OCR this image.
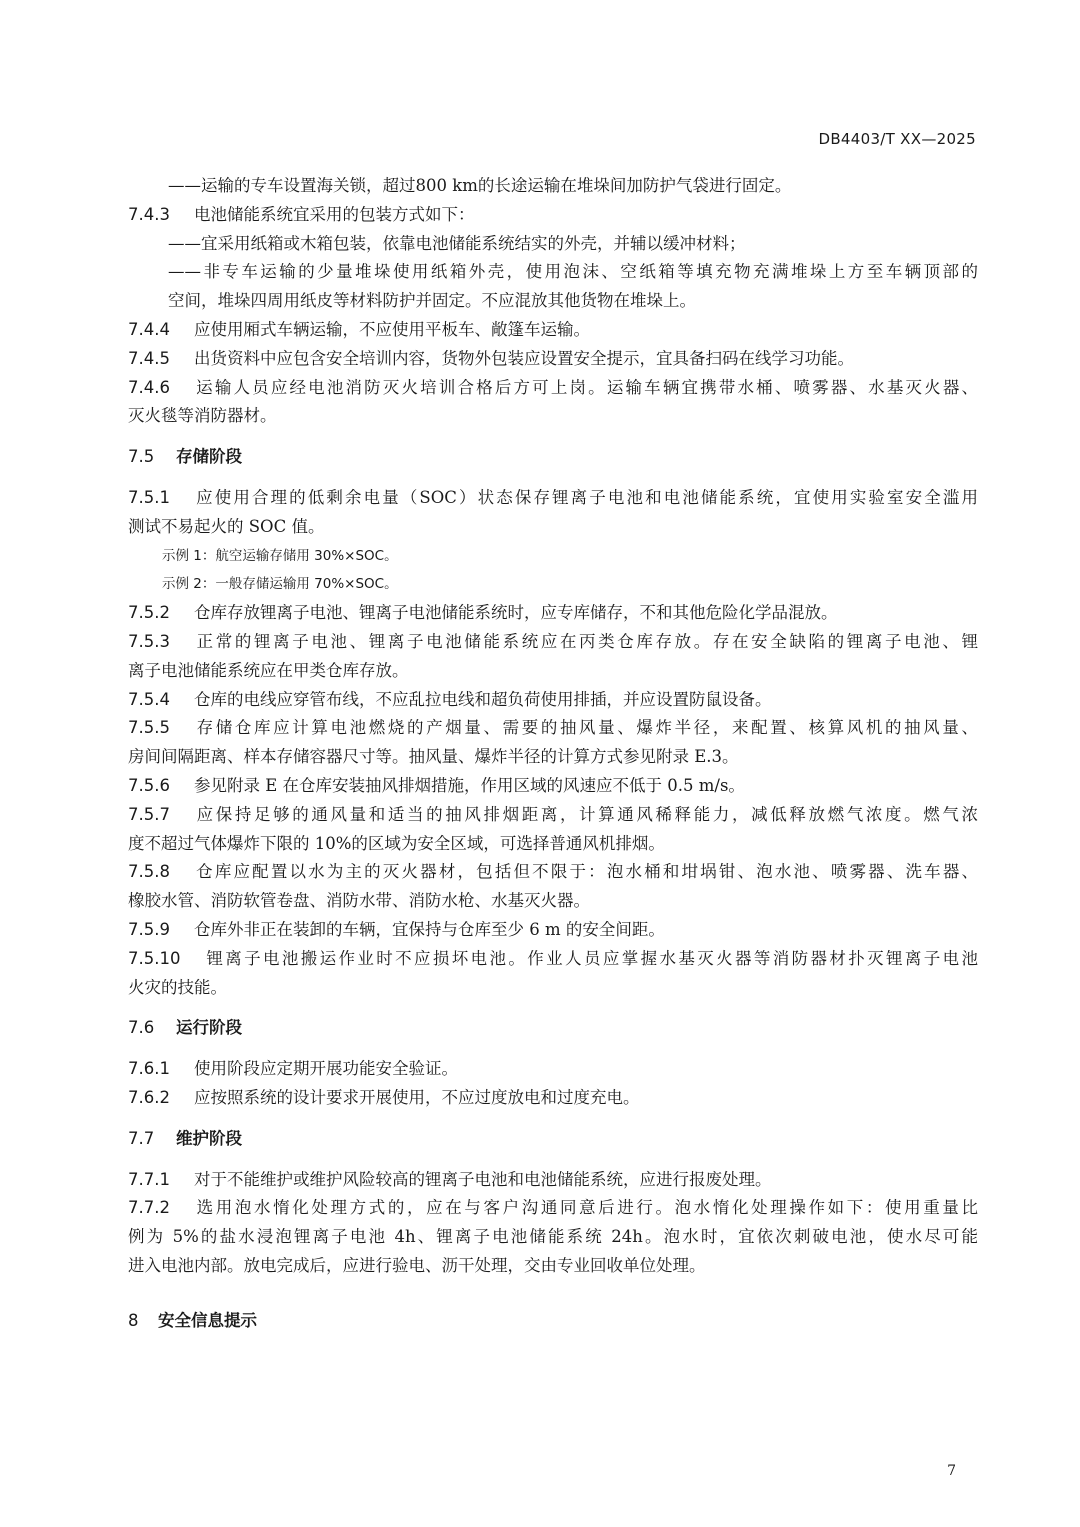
DB4403/T XX—2025
——运输的专车设置海关锁，超过800 km的长途运输在堆垛间加防护气袋进行固定。
7.4.3 电池储能系统宜采用的包装方式如下：
——宜采用纸箱或木箱包装，依靠电池储能系统结实的外壳，并辅以缓冲材料；
——非专车运输的少量堆垛使用纸箱外壳，使用泡沫、空纸箱等填充物充满堆垛上方至车辆顶部的
空间，堆垛四周用纸皮等材料防护并固定。不应混放其他货物在堆垛上。
7.4.4 应使用厢式车辆运输，不应使用平板车、敞篷车运输。
7.4.5 出货资料中应包含安全培训内容，货物外包装应设置安全提示，宜具备扫码在线学习功能。
7.4.6 运输人员应经电池消防灭火培训合格后方可上岗。运输车辆宜携带水桶、喷雾器、水基灭火器、
灭火毯等消防器材。
7.5 存储阶段
7.5.1 应使用合理的低剩余电量（SOC）状态保存锂离子电池和电池储能系统，宜使用实验室安全滥用
测试不易起火的 SOC 值。
示例 1：航空运输存储用 30%×SOC。
示例 2：一般存储运输用 70%×SOC。
7.5.2 仓库存放锂离子电池、锂离子电池储能系统时，应专库储存，不和其他危险化学品混放。
7.5.3 正常的锂离子电池、锂离子电池储能系统应在丙类仓库存放。存在安全缺陷的锂离子电池、锂
离子电池储能系统应在甲类仓库存放。
7.5.4 仓库的电线应穿管布线，不应乱拉电线和超负荷使用排插，并应设置防鼠设备。
7.5.5 存储仓库应计算电池燃烧的产烟量、需要的抽风量、爆炸半径，来配置、核算风机的抽风量、
房间间隔距离、样本存储容器尺寸等。抽风量、爆炸半径的计算方式参见附录 E.3。
7.5.6 参见附录 E 在仓库安装抽风排烟措施，作用区域的风速应不低于 0.5 m/s。
7.5.7 应保持足够的通风量和适当的抽风排烟距离，计算通风稀释能力，减低释放燃气浓度。燃气浓
度不超过气体爆炸下限的 10%的区域为安全区域，可选择普通风机排烟。
7.5.8 仓库应配置以水为主的灭火器材，包括但不限于：泡水桶和坩埚钳、泡水池、喷雾器、洗车器、
橡胶水管、消防软管卷盘、消防水带、消防水枪、水基灭火器。
7.5.9 仓库外非正在装卸的车辆，宜保持与仓库至少 6 m 的安全间距。
7.5.10 锂离子电池搬运作业时不应损坏电池。作业人员应掌握水基灭火器等消防器材扑灭锂离子电池
火灾的技能。
7.6 运行阶段
7.6.1 使用阶段应定期开展功能安全验证。
7.6.2 应按照系统的设计要求开展使用，不应过度放电和过度充电。
7.7 维护阶段
7.7.1 对于不能维护或维护风险较高的锂离子电池和电池储能系统，应进行报废处理。
7.7.2 选用泡水惰化处理方式的，应在与客户沟通同意后进行。泡水惰化处理操作如下：使用重量比
例为 5%的盐水浸泡锂离子电池 4h、锂离子电池储能系统 24h。泡水时，宜依次刺破电池，使水尽可能
进入电池内部。放电完成后，应进行验电、沥干处理，交由专业回收单位处理。
8 安全信息提示
7
